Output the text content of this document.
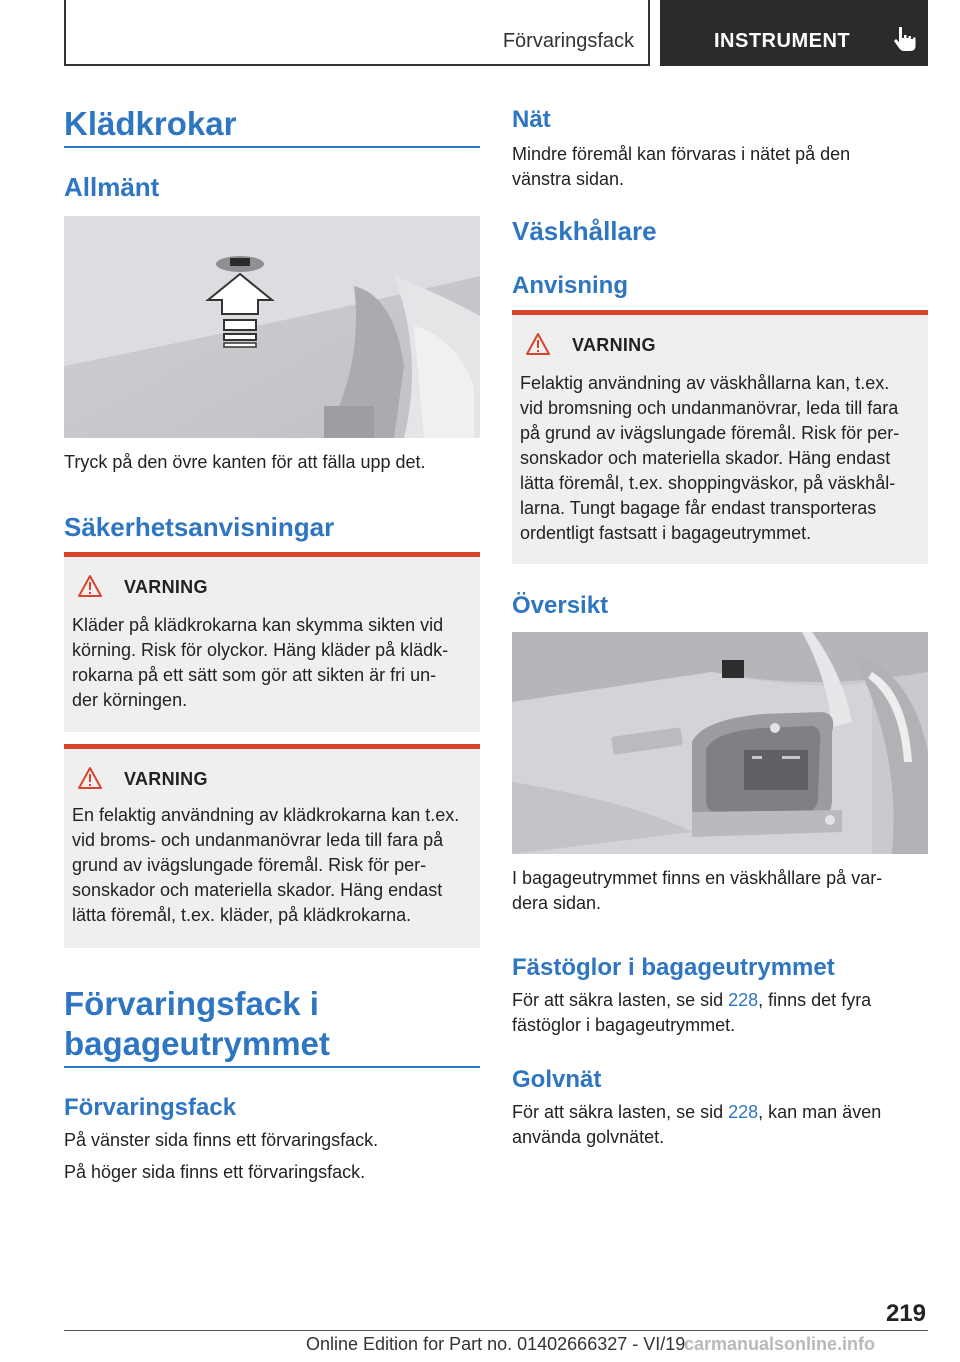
Förvaringsfack	INSTRUMENT
Klädkrokar
Allmänt
Tryck på den övre kanten för att fälla upp det.
Säkerhetsanvisningar
VARNING
Kläder på klädkrokarna kan skymma sikten vid
körning. Risk för olyckor. Häng kläder på klädk‐
rokarna på ett sätt som gör att sikten är fri un‐
der körningen.
VARNING
En felaktig användning av klädkrokarna kan t.ex.
vid broms- och undanmanövrar leda till fara på
grund av ivägslungade föremål. Risk för per‐
sonskador och materiella skador. Häng endast
lätta föremål, t.ex. kläder, på klädkrokarna.
Förvaringsfack i
bagageutrymmet
Förvaringsfack
På vänster sida finns ett förvaringsfack.
På höger sida finns ett förvaringsfack.
Nät
Mindre föremål kan förvaras i nätet på den
vänstra sidan.
Väskhållare
Anvisning
VARNING
Felaktig användning av väskhållarna kan, t.ex.
vid bromsning och undanmanövrar, leda till fara
på grund av ivägslungade föremål. Risk för per‐
sonskador och materiella skador. Häng endast
lätta föremål, t.ex. shoppingväskor, på väskhål‐
larna. Tungt bagage får endast transporteras
ordentligt fastsatt i bagageutrymmet.
Översikt
I bagageutrymmet finns en väskhållare på var‐
dera sidan.
Fästöglor i bagageutrymmet
För att säkra lasten, se sid 228, finns det fyra
fästöglor i bagageutrymmet.
Golvnät
För att säkra lasten, se sid 228, kan man även
använda golvnätet.
219
Online Edition for Part no. 01402666327 - VI/19
carmanualsonline.info
